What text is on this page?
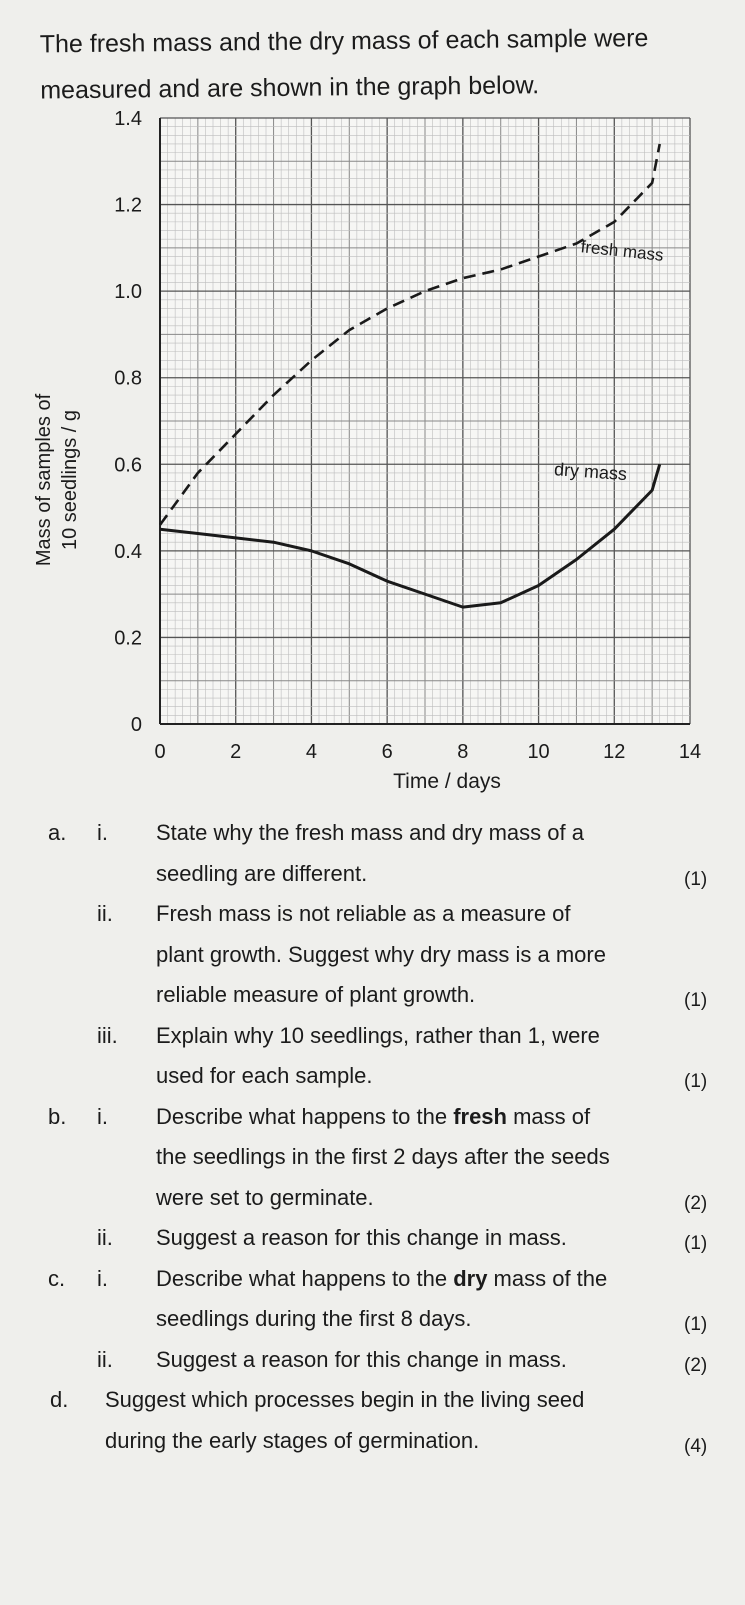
The fresh mass and the dry mass of each sample were
measured and are shown in the graph below.
Mass of samples of 10 seedlings / g
0	2	4	6	8	10	12	14
0
0.2
0.4
0.6
0.8
1.0
1.2
1.4
Time / days
fresh mass
dry mass
a. i. State why the fresh mass and dry mass of a
seedling are different.	(1)
ii. Fresh mass is not reliable as a measure of
plant growth. Suggest why dry mass is a more
reliable measure of plant growth.	(1)
iii. Explain why 10 seedlings, rather than 1, were
used for each sample.	(1)
b. i. Describe what happens to the fresh mass of
the seedlings in the first 2 days after the seeds
were set to germinate.	(2)
ii. Suggest a reason for this change in mass.	(1)
c. i. Describe what happens to the dry mass of the
seedlings during the first 8 days.	(1)
ii. Suggest a reason for this change in mass.	(2)
d. Suggest which processes begin in the living seed
during the early stages of germination.	(4)
